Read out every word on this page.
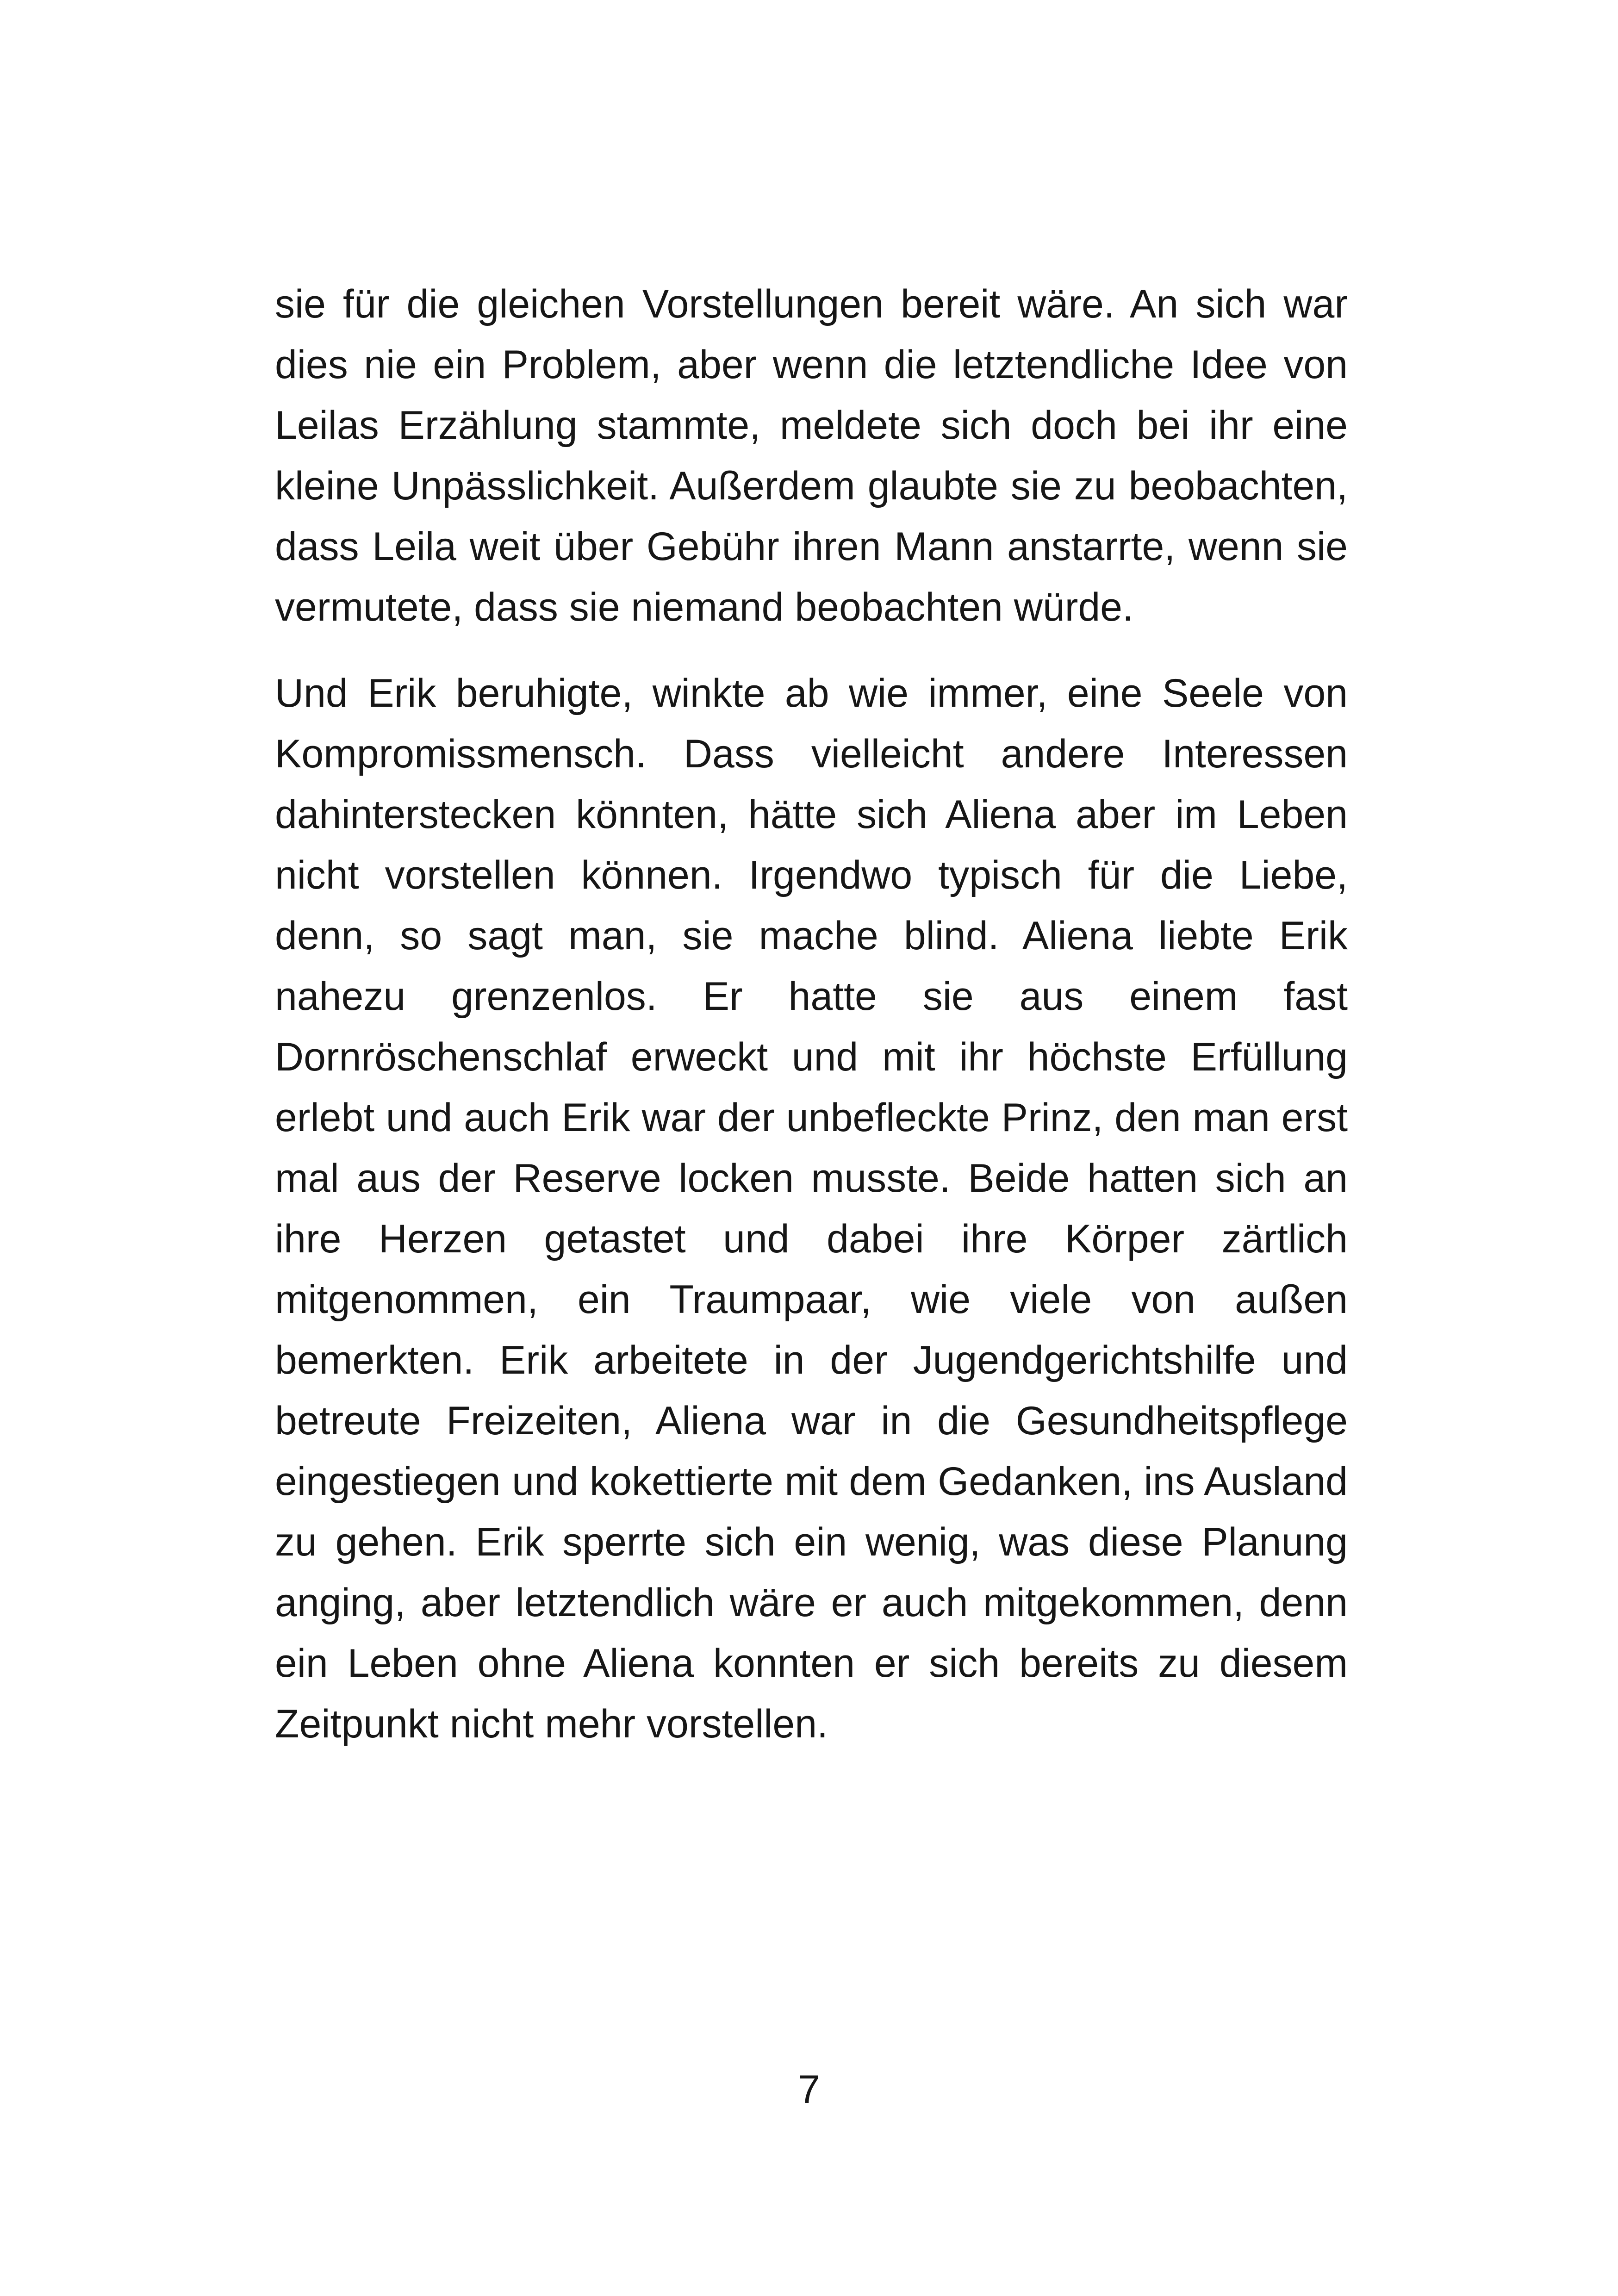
sie für die gleichen Vorstellungen bereit wäre. An sich war dies nie ein Problem, aber wenn die letztendliche Idee von Leilas Erzählung stammte, meldete sich doch bei ihr eine kleine Unpässlichkeit. Außerdem glaubte sie zu beobachten, dass Leila weit über Gebühr ihren Mann anstarrte, wenn sie vermutete, dass sie niemand beobachten würde.

Und Erik beruhigte, winkte ab wie immer, eine Seele von Kompromissmensch. Dass vielleicht andere Interessen dahinterstecken könnten, hätte sich Aliena aber im Leben nicht vorstellen können. Irgendwo typisch für die Liebe, denn, so sagt man, sie mache blind. Aliena liebte Erik nahezu grenzenlos. Er hatte sie aus einem fast Dornröschenschlaf erweckt und mit ihr höchste Erfüllung erlebt und auch Erik war der unbefleckte Prinz, den man erst mal aus der Reserve locken musste. Beide hatten sich an ihre Herzen getastet und dabei ihre Körper zärtlich mitgenommen, ein Traumpaar, wie viele von außen bemerkten. Erik arbeitete in der Jugendgerichtshilfe und betreute Freizeiten, Aliena war in die Gesundheitspflege eingestiegen und kokettierte mit dem Gedanken, ins Ausland zu gehen. Erik sperrte sich ein wenig, was diese Planung anging, aber letztendlich wäre er auch mitgekommen, denn ein Leben ohne Aliena konnten er sich bereits zu diesem Zeitpunkt nicht mehr vorstellen.

7
